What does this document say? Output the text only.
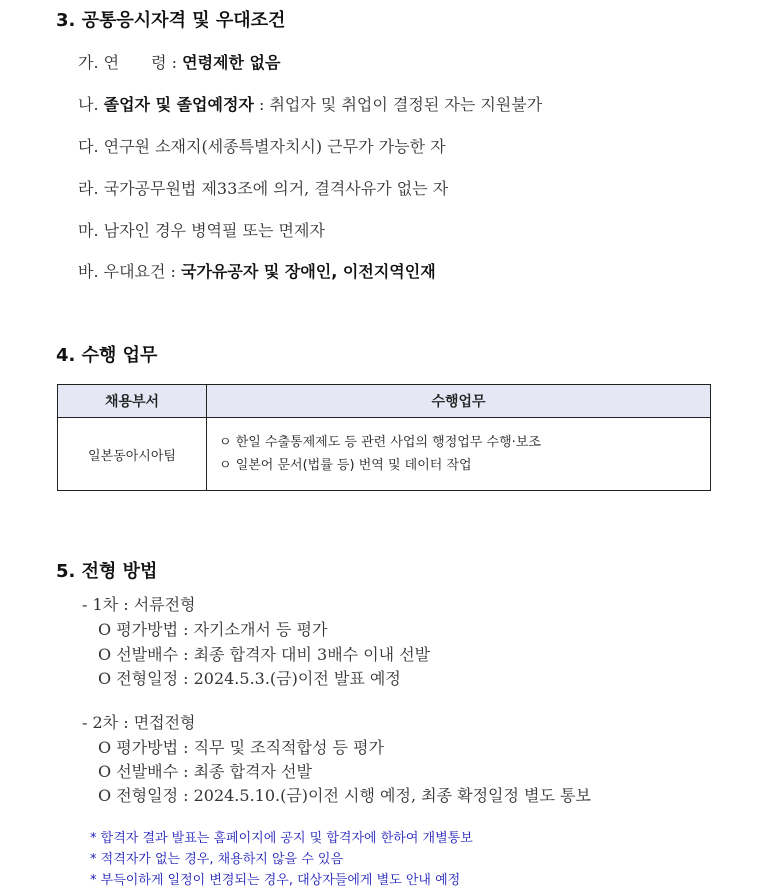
3. 공통응시자격 및 우대조건
가. 연　　령 : 연령제한 없음
나. 졸업자 및 졸업예정자 : 취업자 및 취업이 결정된 자는 지원불가
다. 연구원 소재지(세종특별자치시) 근무가 가능한 자
라. 국가공무원법 제33조에 의거, 결격사유가 없는 자
마. 남자인 경우 병역필 또는 면제자
바. 우대요건 : 국가유공자 및 장애인, 이전지역인재
4. 수행 업무
채용부서	수행업무
일본동아시아팀	ㅇ 한일 수출통제제도 등 관련 사업의 행정업무 수행·보조
ㅇ 일본어 문서(법률 등) 번역 및 데이터 작업
5. 전형 방법
- 1차 : 서류전형
O 평가방법 : 자기소개서 등 평가
O 선발배수 : 최종 합격자 대비 3배수 이내 선발
O 전형일정 : 2024.5.3.(금)이전 발표 예정
- 2차 : 면접전형
O 평가방법 : 직무 및 조직적합성 등 평가
O 선발배수 : 최종 합격자 선발
O 전형일정 : 2024.5.10.(금)이전 시행 예정, 최종 확정일정 별도 통보
* 합격자 결과 발표는 홈페이지에 공지 및 합격자에 한하여 개별통보
* 적격자가 없는 경우, 채용하지 않을 수 있음
* 부득이하게 일정이 변경되는 경우, 대상자들에게 별도 안내 예정
